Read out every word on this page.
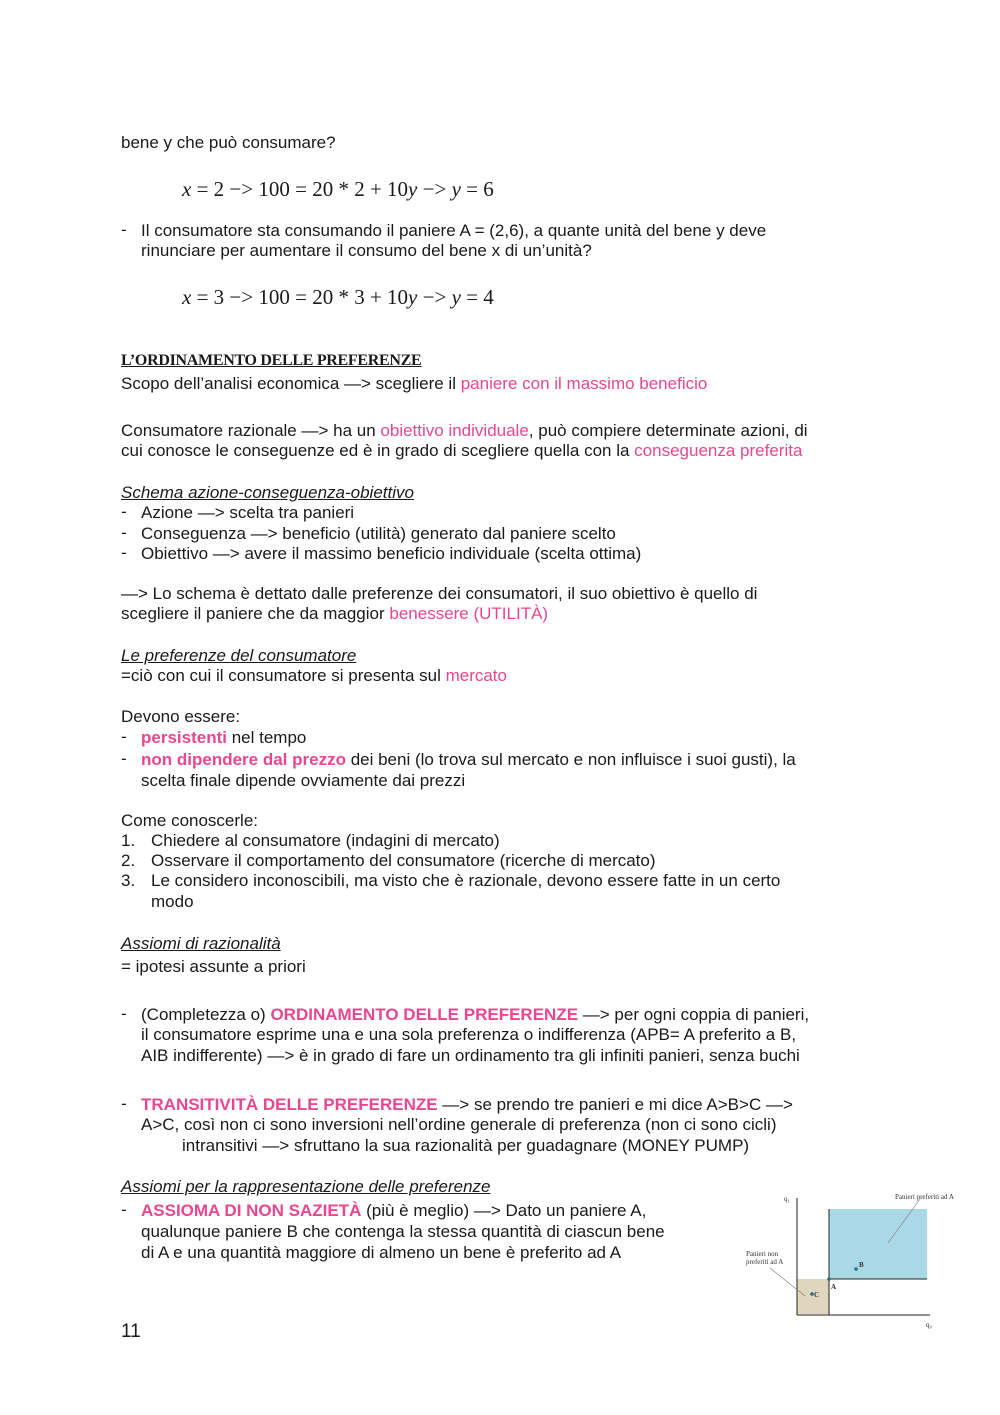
bene y che può consumare?
x = 2 −> 100 = 20 * 2 + 10y −> y = 6
- Il consumatore sta consumando il paniere A = (2,6), a quante unità del bene y deve
rinunciare per aumentare il consumo del bene x di un’unità?
x = 3 −> 100 = 20 * 3 + 10y −> y = 4
L’ORDINAMENTO DELLE PREFERENZE
Scopo dell’analisi economica —> scegliere il paniere con il massimo beneficio
Consumatore razionale —> ha un obiettivo individuale, può compiere determinate azioni, di
cui conosce le conseguenze ed è in grado di scegliere quella con la conseguenza preferita
Schema azione-conseguenza-obiettivo
- Azione —> scelta tra panieri
- Conseguenza —> beneficio (utilità) generato dal paniere scelto
- Obiettivo —> avere il massimo beneficio individuale (scelta ottima)
—> Lo schema è dettato dalle preferenze dei consumatori, il suo obiettivo è quello di
scegliere il paniere che da maggior benessere (UTILITÀ)
Le preferenze del consumatore
=ciò con cui il consumatore si presenta sul mercato
Devono essere:
- persistenti nel tempo
- non dipendere dal prezzo dei beni (lo trova sul mercato e non influisce i suoi gusti), la
scelta finale dipende ovviamente dai prezzi
Come conoscerle:
1. Chiedere al consumatore (indagini di mercato)
2. Osservare il comportamento del consumatore (ricerche di mercato)
3. Le considero inconoscibili, ma visto che è razionale, devono essere fatte in un certo
modo
Assiomi di razionalità
= ipotesi assunte a priori
- (Completezza o) ORDINAMENTO DELLE PREFERENZE —> per ogni coppia di panieri,
il consumatore esprime una e una sola preferenza o indifferenza (APB= A preferito a B,
AIB indifferente) —> è in grado di fare un ordinamento tra gli infiniti panieri, senza buchi
- TRANSITIVITÀ DELLE PREFERENZE —> se prendo tre panieri e mi dice A>B>C —>
A>C, così non ci sono inversioni nell’ordine generale di preferenza (non ci sono cicli)
intransitivi —> sfruttano la sua razionalità per guadagnare (MONEY PUMP)
Assiomi per la rappresentazione delle preferenze
- ASSIOMA DI NON SAZIETÀ (più è meglio) —> Dato un paniere A,
qualunque paniere B che contenga la stessa quantità di ciascun bene
di A e una quantità maggiore di almeno un bene è preferito ad A
q₁
q₀
Panieri preferiti ad A
Panieri non
preferiti ad A
A
B
C
11
